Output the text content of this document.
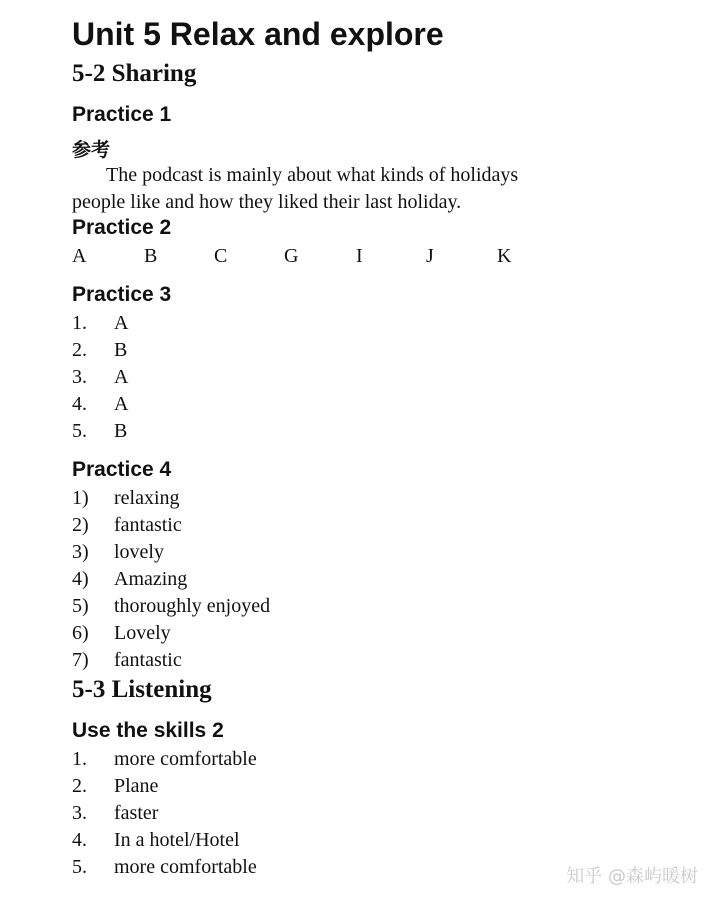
Unit 5 Relax and explore
5-2 Sharing
Practice 1
参考
The podcast is mainly about what kinds of holidays
people like and how they liked their last holiday.
Practice 2
A	B	C	G	I	J	K
Practice 3
1. A
2. B
3. A
4. A
5. B
Practice 4
1) relaxing
2) fantastic
3) lovely
4) Amazing
5) thoroughly enjoyed
6) Lovely
7) fantastic
5-3 Listening
Use the skills 2
1. more comfortable
2. Plane
3. faster
4. In a hotel/Hotel
5. more comfortable	知乎 @森屿暖树
